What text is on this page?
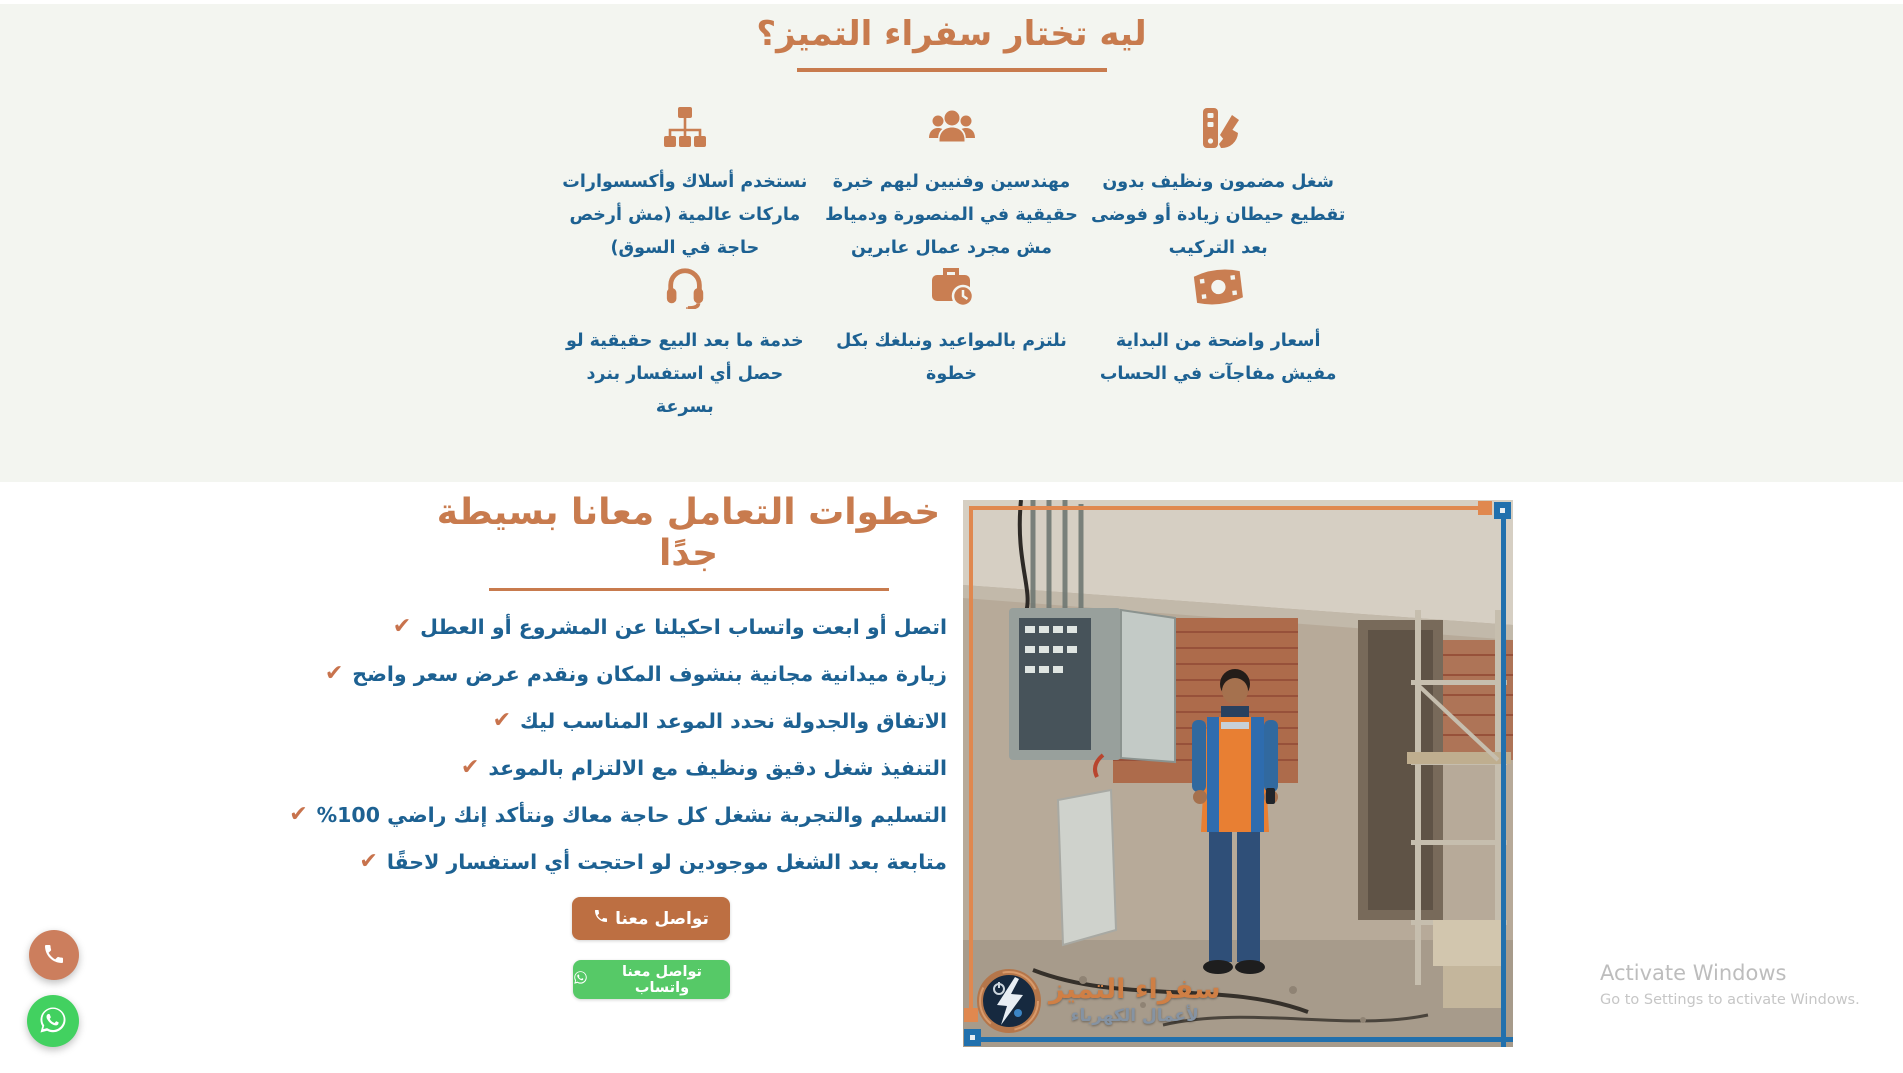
ليه تختار سفراء التميز؟

شغل مضمون ونظيف بدون تقطيع حيطان زيادة أو فوضى بعد التركيب

مهندسين وفنيين ليهم خبرة حقيقية في المنصورة ودمياط مش مجرد عمال عابرين

نستخدم أسلاك وأكسسوارات ماركات عالمية (مش أرخص حاجة في السوق)

أسعار واضحة من البداية مفيش مفاجآت في الحساب

نلتزم بالمواعيد ونبلغك بكل خطوة

خدمة ما بعد البيع حقيقية لو حصل أي استفسار بنرد بسرعة

خطوات التعامل معانا بسيطة جدًا
اتصل أو ابعت واتساب احكيلنا عن المشروع أو العطل
✔
زيارة ميدانية مجانية بنشوف المكان ونقدم عرض سعر واضح
✔
الاتفاق والجدولة نحدد الموعد المناسب ليك
✔
التنفيذ شغل دقيق ونظيف مع الالتزام بالموعد
✔
التسليم والتجربة نشغل كل حاجة معاك ونتأكد إنك راضي 100%
✔
متابعة بعد الشغل موجودين لو احتجت أي استفسار لاحقًا
✔
تواصل معنا
تواصل معنا واتساب	سفراء التميز
لأعمال الكهرباء
Activate Windows
Go to Settings to activate Windows.
